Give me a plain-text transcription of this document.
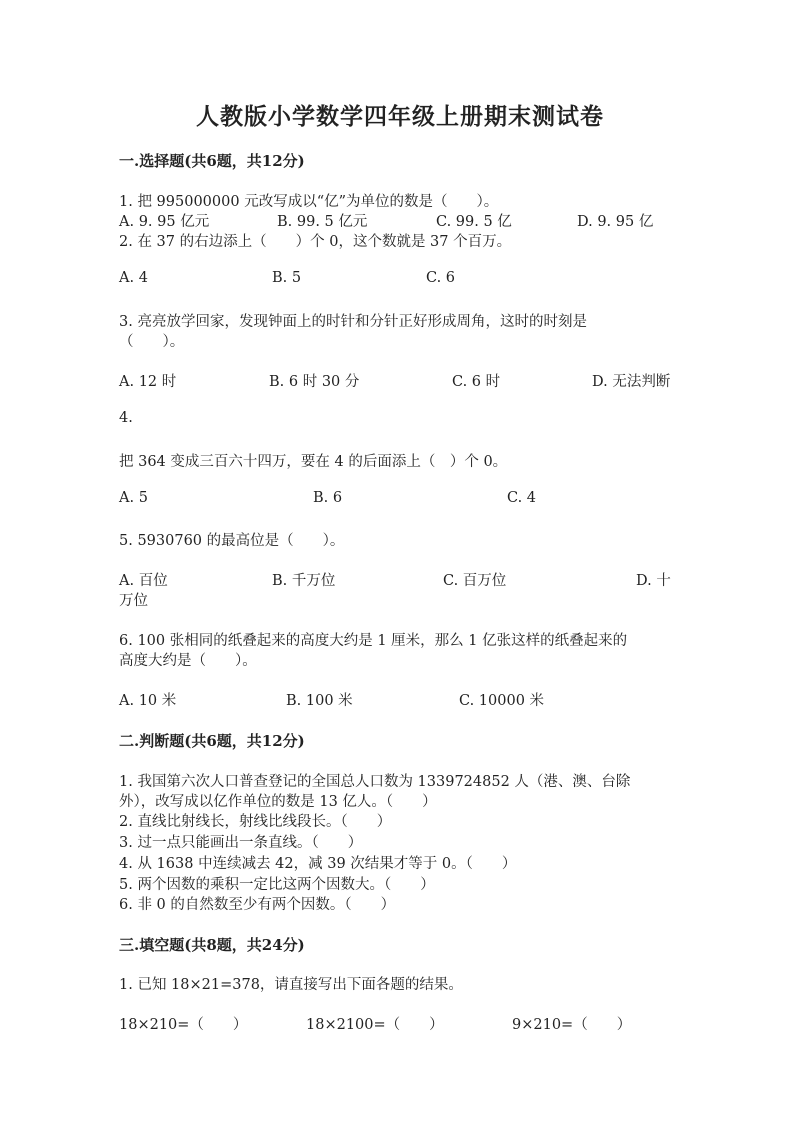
人教版小学数学四年级上册期末测试卷
一.选择题(共6题，共12分)
1. 把 995000000 元改写成以“亿”为单位的数是（　　）。
A. 9. 95 亿元	B. 99. 5 亿元	C. 99. 5 亿	D. 9. 95 亿
2. 在 37 的右边添上（　　）个 0，这个数就是 37 个百万。
A. 4	B. 5	C. 6
3. 亮亮放学回家，发现钟面上的时针和分针正好形成周角，这时的时刻是
（　　）。
A. 12 时	B. 6 时 30 分	C. 6 时	D. 无法判断
4.
把 364 变成三百六十四万，要在 4 的后面添上（　）个 0。
A. 5	B. 6	C. 4
5. 5930760 的最高位是（　　）。
A. 百位	B. 千万位	C. 百万位	D. 十
万位
6. 100 张相同的纸叠起来的高度大约是 1 厘米，那么 1 亿张这样的纸叠起来的
高度大约是（　　）。
A. 10 米	B. 100 米	C. 10000 米
二.判断题(共6题，共12分)
1. 我国第六次人口普查登记的全国总人口数为 1339724852 人（港、澳、台除
外），改写成以亿作单位的数是 13 亿人。（　　）
2. 直线比射线长，射线比线段长。（　　）
3. 过一点只能画出一条直线。（　　）
4. 从 1638 中连续减去 42，减 39 次结果才等于 0。（　　）
5. 两个因数的乘积一定比这两个因数大。（　　）
6. 非 0 的自然数至少有两个因数。（　　）
三.填空题(共8题，共24分)
1. 已知 18×21=378，请直接写出下面各题的结果。
18×210=（　　）	18×2100=（　　）	9×210=（　　）
